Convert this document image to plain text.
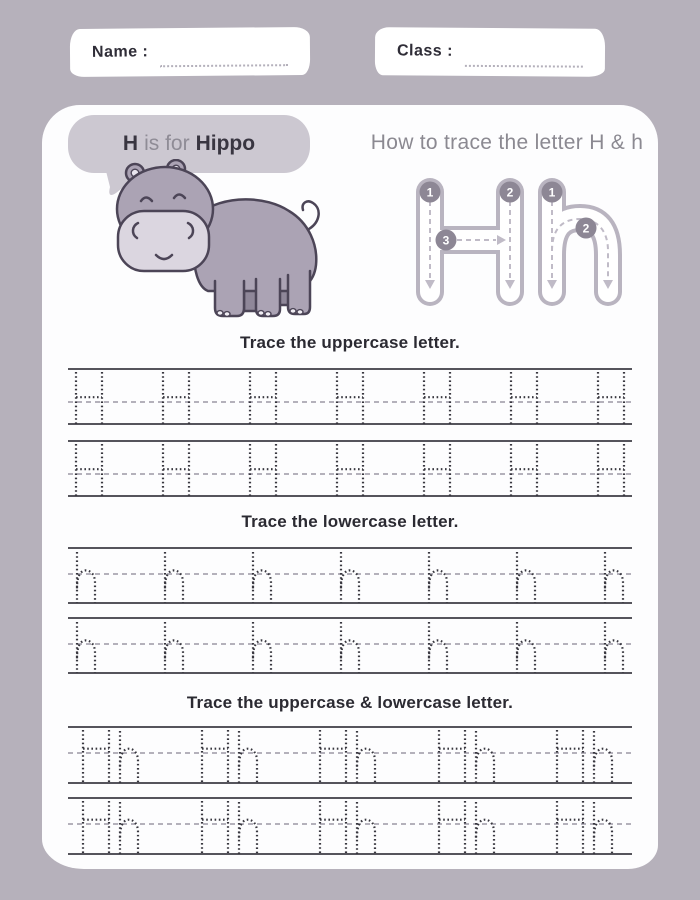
Name :	Class :
H is for Hippo	How to trace the letter H & h
1	2
3
1
2
Trace the uppercase letter.
Trace the lowercase letter.
Trace the uppercase & lowercase letter.
